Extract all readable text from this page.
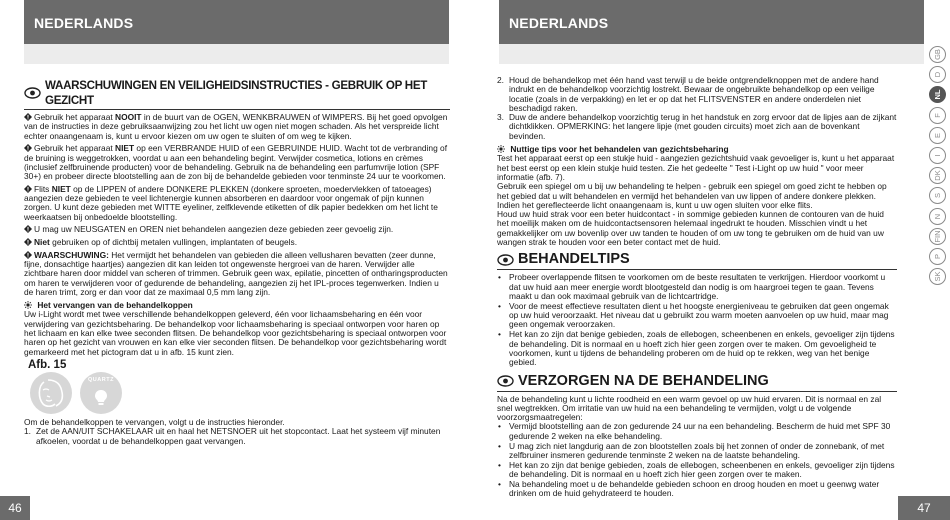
NEDERLANDS
WAARSCHUWINGEN EN VEILIGHEIDSINSTRUCTIES - GEBRUIK OP HET GEZICHT

Gebruik het apparaat NOOIT in de buurt van de OGEN, WENKBRAUWEN of WIMPERS. Bij het goed opvolgen van de instructies in deze gebruiksaanwijzing zou het licht uw ogen niet mogen schaden. Als het verspreide licht echter onaangenaam is, kunt u ervoor kiezen om uw ogen te sluiten of om weg te kijken.

Gebruik het apparaat NIET op een VERBRANDE HUID of een GEBRUINDE HUID. Wacht tot de verbranding of de bruining is weggetrokken, voordat u aan een behandeling begint. Verwijder cosmetica, lotions en crèmes (inclusief zelfbruinende producten) voor de behandeling. Gebruik na de behandeling een parfumvrije lotion (SPF 30+) en probeer directe blootstelling aan de zon bij de behandelde gebieden voor tenminste 24 uur te voorkomen.

Flits NIET op de LIPPEN of andere DONKERE PLEKKEN (donkere sproeten, moedervlekken of tatoeages) aangezien deze gebieden te veel lichtenergie kunnen absorberen en daardoor voor ongemak of pijn kunnen zorgen. U kunt deze gebieden met WITTE eyeliner, zelfklevende etiketten of dik papier bedekken om het licht te weerkaatsen bij onbedoelde blootstelling.

U mag uw NEUSGATEN en OREN niet behandelen aangezien deze gebieden zeer gevoelig zijn.

Niet gebruiken op of dichtbij metalen vullingen, implantaten of beugels.

WAARSCHUWING: Het vermijdt het behandelen van gebieden die alleen vellusharen bevatten (zeer dunne, fijne, donsachtige haartjes) aangezien dit kan leiden tot ongewenste hergroei van de haren. Verwijder alle zichtbare haren door middel van scheren of trimmen. Gebruik geen wax, epilatie, pincetten of ontharingsproducten om haren te verwijderen voor of gedurende de behandeling, aangezien zij het IPL-proces tegenwerken. Indien u de haren trimt, zorg er dan voor dat ze maximaal 0,5 mm lang zijn.

Het vervangen van de behandelkoppen

Uw i-Light wordt met twee verschillende behandelkoppen geleverd, één voor lichaamsbeharing en één voor verwijdering van gezichtsbeharing. De behandelkop voor lichaamsbeharing is speciaal ontworpen voor haren op het lichaam en kan elke twee seconden flitsen. De behandelkop voor gezichtsbeharing is speciaal ontworpen voor haren op het gezicht van vrouwen en kan elke vier seconden flitsen. De behandelkop voor gezichtsbeharing wordt gemarkeerd met het pictogram dat u in afb. 15 kunt zien.

Afb. 15
QUARTZ

Om de behandelkoppen te vervangen, volgt u de instructies hieronder.

1. Zet de AAN/UIT SCHAKELAAR uit en haal het NETSNOER uit het stopcontact. Laat het systeem vijf minuten afkoelen, voordat u de behandelkoppen gaat vervangen.
46
NEDERLANDS
2. Houd de behandelkop met één hand vast terwijl u de beide ontgrendelknoppen met de andere hand indrukt en de behandelkop voorzichtig lostrekt. Bewaar de ongebruikte behandelkop op een veilige locatie (zoals in de verpakking) en let er op dat het FLITSVENSTER en andere onderdelen niet beschadigd raken.
3. Duw de andere behandelkop voorzichtig terug in het handstuk en zorg ervoor dat de lipjes aan de zijkant dichtklikken. OPMERKING: het langere lipje (met gouden circuits) moet zich aan de bovenkant bevinden.

Nuttige tips voor het behandelen van gezichtsbeharing

Test het apparaat eerst op een stukje huid - aangezien gezichtshuid vaak gevoeliger is, kunt u het apparaat het best eerst op een klein stukje huid testen. Zie het gedeelte " Test i-Light op uw huid " voor meer informatie (afb. 7).
Gebruik een spiegel om u bij uw behandeling te helpen - gebruik een spiegel om goed zicht te hebben op het gebied dat u wilt behandelen en vermijd het behandelen van uw lippen of andere donkere plekken. Indien het gereflecteerde licht onaangenaam is, kunt u uw ogen sluiten voor elke flits.
Houd uw huid strak voor een beter huidcontact - in sommige gebieden kunnen de contouren van de huid het moeilijk maken om de huidcontactsensoren helemaal ingedrukt te houden. Misschien vindt u het gemakkelijker om uw bovenlip over uw tanden te houden of om uw tong te gebruiken om de huid van uw wangen strak te houden voor een beter contact met de huid.
BEHANDELTIPS
• Probeer overlappende flitsen te voorkomen om de beste resultaten te verkrijgen. Hierdoor voorkomt u dat uw huid aan meer energie wordt blootgesteld dan nodig is om haargroei tegen te gaan. Tevens maakt u dan ook maximaal gebruik van de lichtcartridge.
• Voor de meest effectieve resultaten dient u het hoogste energieniveau te gebruiken dat geen ongemak op uw huid veroorzaakt. Het niveau dat u gebruikt zou warm moeten aanvoelen op uw huid, maar mag geen ongemak veroorzaken.
• Het kan zo zijn dat benige gebieden, zoals de ellebogen, scheenbenen en enkels, gevoeliger zijn tijdens de behandeling. Dit is normaal en u hoeft zich hier geen zorgen over te maken. Om gevoeligheid te voorkomen, kunt u tijdens de behandeling proberen om de huid op te rekken, weg van het benige gebied.
VERZORGEN NA DE BEHANDELING

Na de behandeling kunt u lichte roodheid en een warm gevoel op uw huid ervaren. Dit is normaal en zal snel wegtrekken. Om irritatie van uw huid na een behandeling te vermijden, volgt u de volgende voorzorgsmaatregelen:

• Vermijd blootstelling aan de zon gedurende 24 uur na een behandeling. Bescherm de huid met SPF 30 gedurende 2 weken na elke behandeling.
• U mag zich niet langdurig aan de zon blootstellen zoals bij het zonnen of onder de zonnebank, of met zelfbruiner insmeren gedurende tenminste 2 weken na de laatste behandeling.
• Het kan zo zijn dat benige gebieden, zoals de ellebogen, scheenbenen en enkels, gevoeliger zijn tijdens de behandeling. Dit is normaal en u hoeft zich hier geen zorgen over te maken.
• Na behandeling moet u de behandelde gebieden schoon en droog houden en moet u geenwg water drinken om de huid gehydrateerd te houden.
GB
D
NL
F
E
I
DK
S
N
FIN
P
SK
47
